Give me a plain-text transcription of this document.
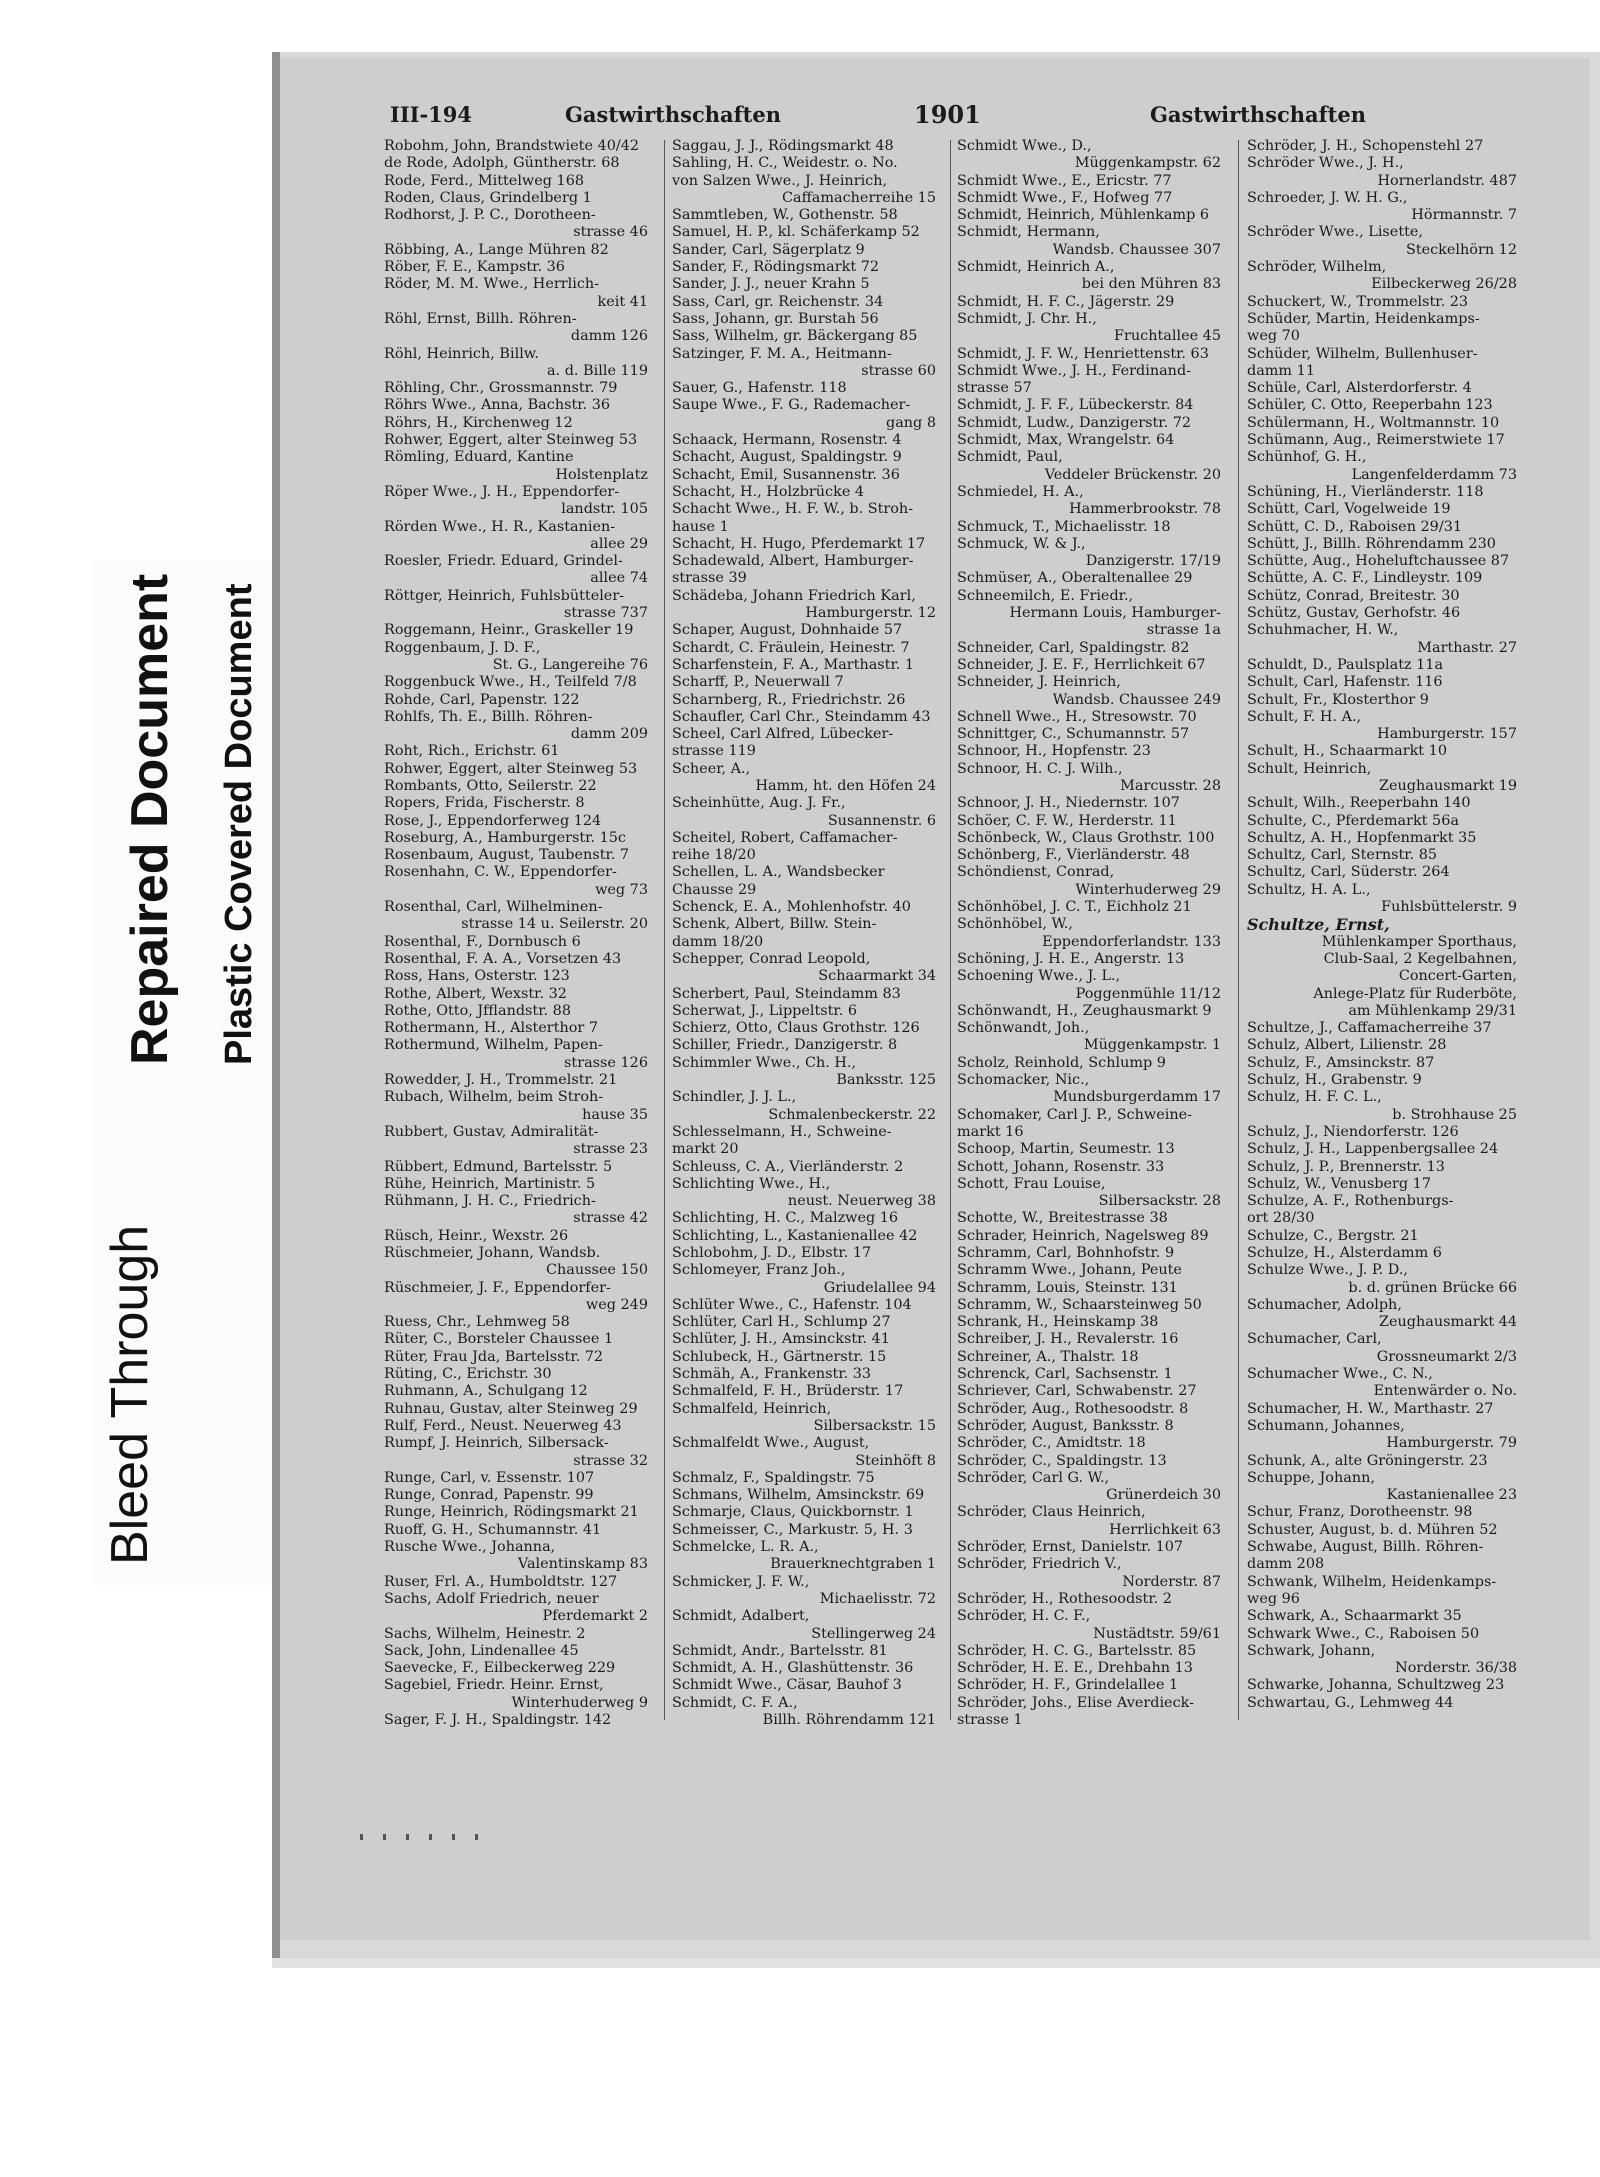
Bleed Through
Repaired Document Plastic Covered Document
III-194	Gastwirthschaften	1901	Gastwirthschaften
Robohm, John, Brandstwiete 40/42
de Rode, Adolph, Güntherstr. 68
Rode, Ferd., Mittelweg 168
Roden, Claus, Grindelberg 1
Rodhorst, J. P. C., Dorotheen-
strasse 46
Röbbing, A., Lange Mühren 82
Röber, F. E., Kampstr. 36
Röder, M. M. Wwe., Herrlich-
keit 41
Röhl, Ernst, Billh. Röhren-
damm 126
Röhl, Heinrich, Billw.
a. d. Bille 119
Röhling, Chr., Grossmannstr. 79
Röhrs Wwe., Anna, Bachstr. 36
Röhrs, H., Kirchenweg 12
Rohwer, Eggert, alter Steinweg 53
Römling, Eduard, Kantine
Holstenplatz
Röper Wwe., J. H., Eppendorfer-
landstr. 105
Rörden Wwe., H. R., Kastanien-
allee 29
Roesler, Friedr. Eduard, Grindel-
allee 74
Röttger, Heinrich, Fuhlsbütteler-
strasse 737
Roggemann, Heinr., Graskeller 19
Roggenbaum, J. D. F.,
St. G., Langereihe 76
Roggenbuck Wwe., H., Teilfeld 7/8
Rohde, Carl, Papenstr. 122
Rohlfs, Th. E., Billh. Röhren-
damm 209
Roht, Rich., Erichstr. 61
Rohwer, Eggert, alter Steinweg 53
Rombants, Otto, Seilerstr. 22
Ropers, Frida, Fischerstr. 8
Rose, J., Eppendorferweg 124
Roseburg, A., Hamburgerstr. 15c
Rosenbaum, August, Taubenstr. 7
Rosenhahn, C. W., Eppendorfer-
weg 73
Rosenthal, Carl, Wilhelminen-
strasse 14 u. Seilerstr. 20
Rosenthal, F., Dornbusch 6
Rosenthal, F. A. A., Vorsetzen 43
Ross, Hans, Osterstr. 123
Rothe, Albert, Wexstr. 32
Rothe, Otto, Jfflandstr. 88
Rothermann, H., Alsterthor 7
Rothermund, Wilhelm, Papen-
strasse 126
Rowedder, J. H., Trommelstr. 21
Rubach, Wilhelm, beim Stroh-
hause 35
Rubbert, Gustav, Admiralität-
strasse 23
Rübbert, Edmund, Bartelsstr. 5
Rühe, Heinrich, Martinistr. 5
Rühmann, J. H. C., Friedrich-
strasse 42
Rüsch, Heinr., Wexstr. 26
Rüschmeier, Johann, Wandsb.
Chaussee 150
Rüschmeier, J. F., Eppendorfer-
weg 249
Ruess, Chr., Lehmweg 58
Rüter, C., Borsteler Chaussee 1
Rüter, Frau Jda, Bartelsstr. 72
Rüting, C., Erichstr. 30
Ruhmann, A., Schulgang 12
Ruhnau, Gustav, alter Steinweg 29
Rulf, Ferd., Neust. Neuerweg 43
Rumpf, J. Heinrich, Silbersack-
strasse 32
Runge, Carl, v. Essenstr. 107
Runge, Conrad, Papenstr. 99
Runge, Heinrich, Rödingsmarkt 21
Ruoff, G. H., Schumannstr. 41
Rusche Wwe., Johanna,
Valentinskamp 83
Ruser, Frl. A., Humboldtstr. 127
Sachs, Adolf Friedrich, neuer
Pferdemarkt 2
Sachs, Wilhelm, Heinestr. 2
Sack, John, Lindenallee 45
Saevecke, F., Eilbeckerweg 229
Sagebiel, Friedr. Heinr. Ernst,
Winterhuderweg 9
Sager, F. J. H., Spaldingstr. 142
Saggau, J. J., Rödingsmarkt 48
Sahling, H. C., Weidestr. o. No.
von Salzen Wwe., J. Heinrich,
Caffamacherreihe 15
Sammtleben, W., Gothenstr. 58
Samuel, H. P., kl. Schäferkamp 52
Sander, Carl, Sägerplatz 9
Sander, F., Rödingsmarkt 72
Sander, J. J., neuer Krahn 5
Sass, Carl, gr. Reichenstr. 34
Sass, Johann, gr. Burstah 56
Sass, Wilhelm, gr. Bäckergang 85
Satzinger, F. M. A., Heitmann-
strasse 60
Sauer, G., Hafenstr. 118
Saupe Wwe., F. G., Rademacher-
gang 8
Schaack, Hermann, Rosenstr. 4
Schacht, August, Spaldingstr. 9
Schacht, Emil, Susannenstr. 36
Schacht, H., Holzbrücke 4
Schacht Wwe., H. F. W., b. Stroh-
hause 1
Schacht, H. Hugo, Pferdemarkt 17
Schadewald, Albert, Hamburger-
strasse 39
Schädeba, Johann Friedrich Karl,
Hamburgerstr. 12
Schaper, August, Dohnhaide 57
Schardt, C. Fräulein, Heinestr. 7
Scharfenstein, F. A., Marthastr. 1
Scharff, P., Neuerwall 7
Scharnberg, R., Friedrichstr. 26
Schaufler, Carl Chr., Steindamm 43
Scheel, Carl Alfred, Lübecker-
strasse 119
Scheer, A.,
Hamm, ht. den Höfen 24
Scheinhütte, Aug. J. Fr.,
Susannenstr. 6
Scheitel, Robert, Caffamacher-
reihe 18/20
Schellen, L. A., Wandsbecker
Chausse 29
Schenck, E. A., Mohlenhofstr. 40
Schenk, Albert, Billw. Stein-
damm 18/20
Schepper, Conrad Leopold,
Schaarmarkt 34
Scherbert, Paul, Steindamm 83
Scherwat, J., Lippeltstr. 6
Schierz, Otto, Claus Grothstr. 126
Schiller, Friedr., Danzigerstr. 8
Schimmler Wwe., Ch. H.,
Banksstr. 125
Schindler, J. J. L.,
Schmalenbeckerstr. 22
Schlesselmann, H., Schweine-
markt 20
Schleuss, C. A., Vierländerstr. 2
Schlichting Wwe., H.,
neust. Neuerweg 38
Schlichting, H. C., Malzweg 16
Schlichting, L., Kastanienallee 42
Schlobohm, J. D., Elbstr. 17
Schlomeyer, Franz Joh.,
Griudelallee 94
Schlüter Wwe., C., Hafenstr. 104
Schlüter, Carl H., Schlump 27
Schlüter, J. H., Amsinckstr. 41
Schlubeck, H., Gärtnerstr. 15
Schmäh, A., Frankenstr. 33
Schmalfeld, F. H., Brüderstr. 17
Schmalfeld, Heinrich,
Silbersackstr. 15
Schmalfeldt Wwe., August,
Steinhöft 8
Schmalz, F., Spaldingstr. 75
Schmans, Wilhelm, Amsinckstr. 69
Schmarje, Claus, Quickbornstr. 1
Schmeisser, C., Markustr. 5, H. 3
Schmelcke, L. R. A.,
Brauerknechtgraben 1
Schmicker, J. F. W.,
Michaelisstr. 72
Schmidt, Adalbert,
Stellingerweg 24
Schmidt, Andr., Bartelsstr. 81
Schmidt, A. H., Glashüttenstr. 36
Schmidt Wwe., Cäsar, Bauhof 3
Schmidt, C. F. A.,
Billh. Röhrendamm 121
Schmidt Wwe., D.,
Müggenkampstr. 62
Schmidt Wwe., E., Ericstr. 77
Schmidt Wwe., F., Hofweg 77
Schmidt, Heinrich, Mühlenkamp 6
Schmidt, Hermann,
Wandsb. Chaussee 307
Schmidt, Heinrich A.,
bei den Mühren 83
Schmidt, H. F. C., Jägerstr. 29
Schmidt, J. Chr. H.,
Fruchtallee 45
Schmidt, J. F. W., Henriettenstr. 63
Schmidt Wwe., J. H., Ferdinand-
strasse 57
Schmidt, J. F. F., Lübeckerstr. 84
Schmidt, Ludw., Danzigerstr. 72
Schmidt, Max, Wrangelstr. 64
Schmidt, Paul,
Veddeler Brückenstr. 20
Schmiedel, H. A.,
Hammerbrookstr. 78
Schmuck, T., Michaelisstr. 18
Schmuck, W. & J.,
Danzigerstr. 17/19
Schmüser, A., Oberaltenallee 29
Schneemilch, E. Friedr.,
Hermann Louis, Hamburger-
strasse 1a
Schneider, Carl, Spaldingstr. 82
Schneider, J. E. F., Herrlichkeit 67
Schneider, J. Heinrich,
Wandsb. Chaussee 249
Schnell Wwe., H., Stresowstr. 70
Schnittger, C., Schumannstr. 57
Schnoor, H., Hopfenstr. 23
Schnoor, H. C. J. Wilh.,
Marcusstr. 28
Schnoor, J. H., Niedernstr. 107
Schöer, C. F. W., Herderstr. 11
Schönbeck, W., Claus Grothstr. 100
Schönberg, F., Vierländerstr. 48
Schöndienst, Conrad,
Winterhuderweg 29
Schönhöbel, J. C. T., Eichholz 21
Schönhöbel, W.,
Eppendorferlandstr. 133
Schöning, J. H. E., Angerstr. 13
Schoening Wwe., J. L.,
Poggenmühle 11/12
Schönwandt, H., Zeughausmarkt 9
Schönwandt, Joh.,
Müggenkampstr. 1
Scholz, Reinhold, Schlump 9
Schomacker, Nic.,
Mundsburgerdamm 17
Schomaker, Carl J. P., Schweine-
markt 16
Schoop, Martin, Seumestr. 13
Schott, Johann, Rosenstr. 33
Schott, Frau Louise,
Silbersackstr. 28
Schotte, W., Breitestrasse 38
Schrader, Heinrich, Nagelsweg 89
Schramm, Carl, Bohnhofstr. 9
Schramm Wwe., Johann, Peute
Schramm, Louis, Steinstr. 131
Schramm, W., Schaarsteinweg 50
Schrank, H., Heinskamp 38
Schreiber, J. H., Revalerstr. 16
Schreiner, A., Thalstr. 18
Schrenck, Carl, Sachsenstr. 1
Schriever, Carl, Schwabenstr. 27
Schröder, Aug., Rothesoodstr. 8
Schröder, August, Banksstr. 8
Schröder, C., Amidtstr. 18
Schröder, C., Spaldingstr. 13
Schröder, Carl G. W.,
Grünerdeich 30
Schröder, Claus Heinrich,
Herrlichkeit 63
Schröder, Ernst, Danielstr. 107
Schröder, Friedrich V.,
Norderstr. 87
Schröder, H., Rothesoodstr. 2
Schröder, H. C. F.,
Nustädtstr. 59/61
Schröder, H. C. G., Bartelsstr. 85
Schröder, H. E. E., Drehbahn 13
Schröder, H. F., Grindelallee 1
Schröder, Johs., Elise Averdieck-
strasse 1
Schröder, J. H., Schopenstehl 27
Schröder Wwe., J. H.,
Hornerlandstr. 487
Schroeder, J. W. H. G.,
Hörmannstr. 7
Schröder Wwe., Lisette,
Steckelhörn 12
Schröder, Wilhelm,
Eilbeckerweg 26/28
Schuckert, W., Trommelstr. 23
Schüder, Martin, Heidenkamps-
weg 70
Schüder, Wilhelm, Bullenhuser-
damm 11
Schüle, Carl, Alsterdorferstr. 4
Schüler, C. Otto, Reeperbahn 123
Schülermann, H., Woltmannstr. 10
Schümann, Aug., Reimerstwiete 17
Schünhof, G. H.,
Langenfelderdamm 73
Schüning, H., Vierländerstr. 118
Schütt, Carl, Vogelweide 19
Schütt, C. D., Raboisen 29/31
Schütt, J., Billh. Röhrendamm 230
Schütte, Aug., Hoheluftchaussee 87
Schütte, A. C. F., Lindleystr. 109
Schütz, Conrad, Breitestr. 30
Schütz, Gustav, Gerhofstr. 46
Schuhmacher, H. W.,
Marthastr. 27
Schuldt, D., Paulsplatz 11a
Schult, Carl, Hafenstr. 116
Schult, Fr., Klosterthor 9
Schult, F. H. A.,
Hamburgerstr. 157
Schult, H., Schaarmarkt 10
Schult, Heinrich,
Zeughausmarkt 19
Schult, Wilh., Reeperbahn 140
Schulte, C., Pferdemarkt 56a
Schultz, A. H., Hopfenmarkt 35
Schultz, Carl, Sternstr. 85
Schultz, Carl, Süderstr. 264
Schultz, H. A. L.,
Fuhlsbüttelerstr. 9
Schultze, Ernst,
Mühlenkamper Sporthaus,
Club-Saal, 2 Kegelbahnen,
Concert-Garten,
Anlege-Platz für Ruderböte,
am Mühlenkamp 29/31
Schultze, J., Caffamacherreihe 37
Schulz, Albert, Lilienstr. 28
Schulz, F., Amsinckstr. 87
Schulz, H., Grabenstr. 9
Schulz, H. F. C. L.,
b. Strohhause 25
Schulz, J., Niendorferstr. 126
Schulz, J. H., Lappenbergsallee 24
Schulz, J. P., Brennerstr. 13
Schulz, W., Venusberg 17
Schulze, A. F., Rothenburgs-
ort 28/30
Schulze, C., Bergstr. 21
Schulze, H., Alsterdamm 6
Schulze Wwe., J. P. D.,
b. d. grünen Brücke 66
Schumacher, Adolph,
Zeughausmarkt 44
Schumacher, Carl,
Grossneumarkt 2/3
Schumacher Wwe., C. N.,
Entenwärder o. No.
Schumacher, H. W., Marthastr. 27
Schumann, Johannes,
Hamburgerstr. 79
Schunk, A., alte Gröningerstr. 23
Schuppe, Johann,
Kastanienallee 23
Schur, Franz, Dorotheenstr. 98
Schuster, August, b. d. Mühren 52
Schwabe, August, Billh. Röhren-
damm 208
Schwank, Wilhelm, Heidenkamps-
weg 96
Schwark, A., Schaarmarkt 35
Schwark Wwe., C., Raboisen 50
Schwark, Johann,
Norderstr. 36/38
Schwarke, Johanna, Schultzweg 23
Schwartau, G., Lehmweg 44
